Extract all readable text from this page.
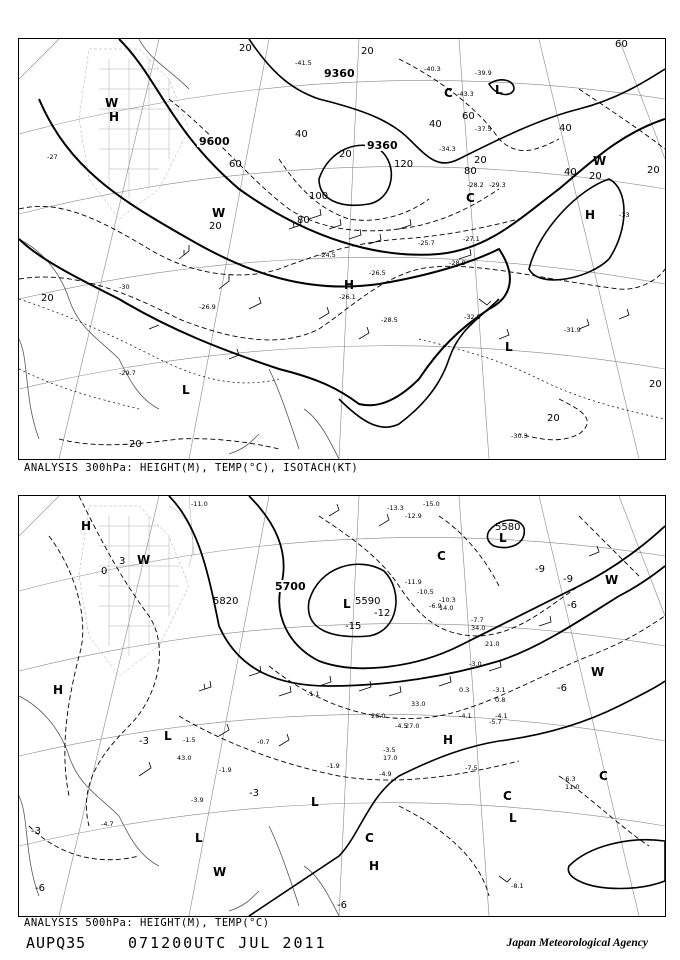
9360
9600	9360
20	20
40
60
80
100
120
20
40
60
80
20
20
40
20
40	20
20
20
20
20
60
-27
-33
-24.5
-26.5
-32.5
-31.9
-30.3
-29.7
-26.9
-28.5
-41.5
-40.3	-39.9
-37.5
-43.3
-34.3
-28.2 -29.3
-27.1
-25.7
-26.1
-28.9
-30
H
H
H
L
L
L
C
C
W
W
W
ANALYSIS 300hPa: HEIGHT(M), TEMP(°C), ISOTACH(KT)
5700
5820	5590
5580
3
0
-3
-6
-9
-12
-15
-6
-9
-6
-3
-6
-3
-11.0
-12.9
-13.3	-15.0
-11.9
-10.5
-10.3
-7.7
-6.9
-3.0
-4.5
-4.9
-3.9
-3.5
-5.7
-7.5
-6.3
-4.1
-4.7
-8.1
-1.1
-1.9
-0.7
0.3
0.8
-3.1
-4.1
-1.9
-1.5
34.0
26.0
33.0
27.0
21.0
17.0
43.0
14.0
11.0
H
H
H
H
L
L
L
L
L
L
C
C
C
C
W
W
W
W
ANALYSIS 500hPa: HEIGHT(M), TEMP(°C)
AUPQ35	071200UTC JUL 2011	Japan Meteorological Agency
